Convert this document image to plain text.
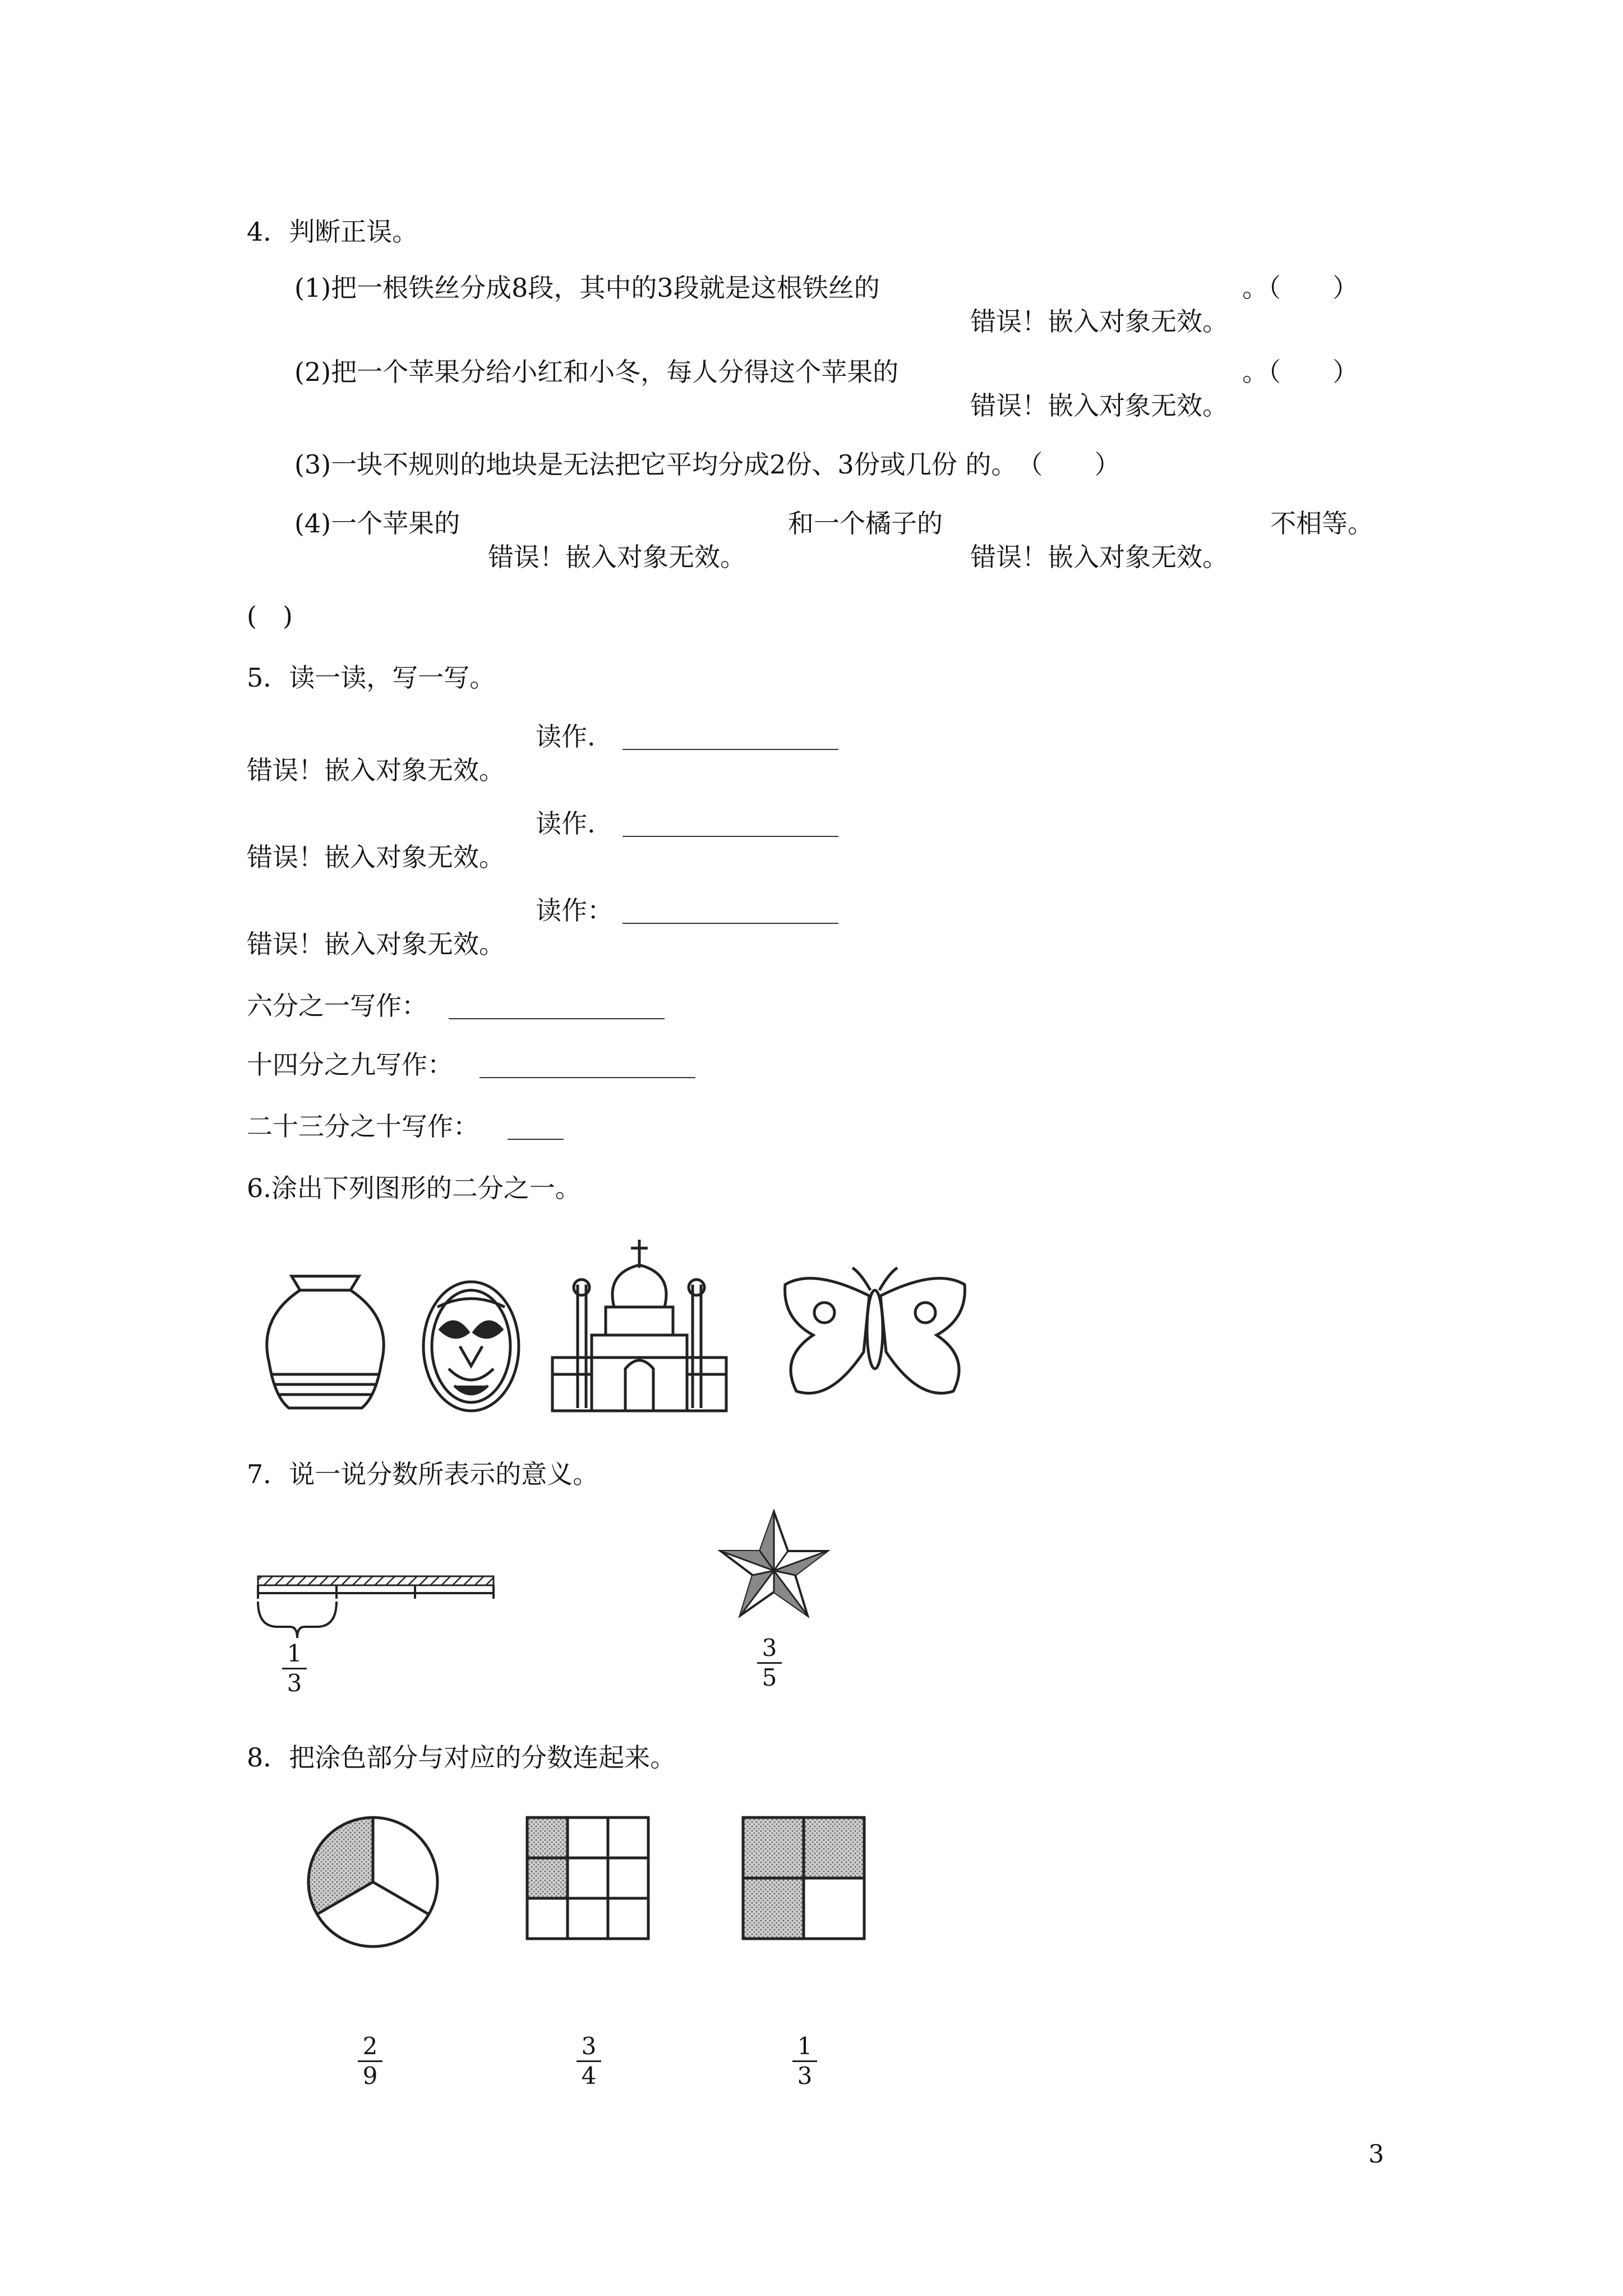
4．判断正误。
(1)把一根铁丝分成8段，其中的3段就是这根铁丝的	。（　　）
错误！嵌入对象无效。
(2)把一个苹果分给小红和小冬，每人分得这个苹果的	。（　　）
错误！嵌入对象无效。
(3)一块不规则的地块是无法把它平均分成2份、3份或几份 的。　（　　）
(4)一个苹果的	和一个橘子的	不相等。
错误！嵌入对象无效。	错误！嵌入对象无效。
(　)
5．读一读，写一写。
读作.
错误！嵌入对象无效。
读作.
错误！嵌入对象无效。
读作：
错误！嵌入对象无效。
六分之一写作：
十四分之九写作：
二十三分之十写作：
6.涂出下列图形的二分之一。
7．说一说分数所表示的意义。
1
3
3
5
8．把涂色部分与对应的分数连起来。
2
9
3
4
1
3
3
